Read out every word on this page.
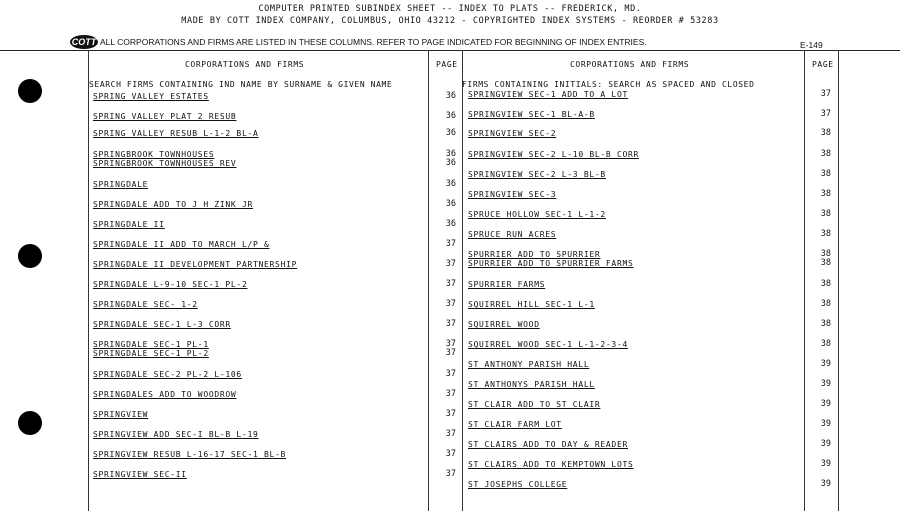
COMPUTER PRINTED SUBINDEX SHEET -- INDEX TO PLATS -- FREDERICK, MD.
MADE BY COTT INDEX COMPANY, COLUMBUS, OHIO 43212 - COPYRIGHTED INDEX SYSTEMS - REORDER # 53283
COTT ALL CORPORATIONS AND FIRMS ARE LISTED IN THESE COLUMNS. REFER TO PAGE INDICATED FOR BEGINNING OF INDEX ENTRIES.	E-149
CORPORATIONS AND FIRMS	PAGE	CORPORATIONS AND FIRMS	PAGE
SEARCH FIRMS CONTAINING IND NAME BY SURNAME & GIVEN NAME	FIRMS CONTAINING INITIALS: SEARCH AS SPACED AND CLOSED
SPRING VALLEY ESTATES	36
SPRING VALLEY PLAT 2 RESUB	36
SPRING VALLEY RESUB L-1-2 BL-A	36
SPRINGBROOK TOWNHOUSES	36
SPRINGBROOK TOWNHOUSES REV	36
SPRINGDALE	36
SPRINGDALE ADD TO J H ZINK JR	36
SPRINGDALE II	36
SPRINGDALE II ADD TO MARCH L/P &	37
SPRINGDALE II DEVELOPMENT PARTNERSHIP	37
SPRINGDALE L-9-10 SEC-1 PL-2	37
SPRINGDALE SEC- 1-2	37
SPRINGDALE SEC-1 L-3 CORR	37
SPRINGDALE SEC-1 PL-1	37
SPRINGDALE SEC-1 PL-2	37
SPRINGDALE SEC-2 PL-2 L-106	37
SPRINGDALES ADD TO WOODROW	37
SPRINGVIEW	37
SPRINGVIEW ADD SEC-I BL-B L-19	37
SPRINGVIEW RESUB L-16-17 SEC-1 BL-B	37
SPRINGVIEW SEC-II	37
SPRINGVIEW SEC-1 ADD TO A LOT	37
SPRINGVIEW SEC-1 BL-A-B	37
SPRINGVIEW SEC-2	38
SPRINGVIEW SEC-2 L-10 BL-B CORR	38
SPRINGVIEW SEC-2 L-3 BL-B	38
SPRINGVIEW SEC-3	38
SPRUCE HOLLOW SEC-1 L-1-2	38
SPRUCE RUN ACRES	38
SPURRIER ADD TO SPURRIER	38
SPURRIER ADD TO SPURRIER FARMS	38
SPURRIER FARMS	38
SQUIRREL HILL SEC-1 L-1	38
SQUIRREL WOOD	38
SQUIRREL WOOD SEC-1 L-1-2-3-4	38
ST ANTHONY PARISH HALL	39
ST ANTHONYS PARISH HALL	39
ST CLAIR ADD TO ST CLAIR	39
ST CLAIR FARM LOT	39
ST CLAIRS ADD TO DAY & READER	39
ST CLAIRS ADD TO KEMPTOWN LOTS	39
ST JOSEPHS COLLEGE	39
